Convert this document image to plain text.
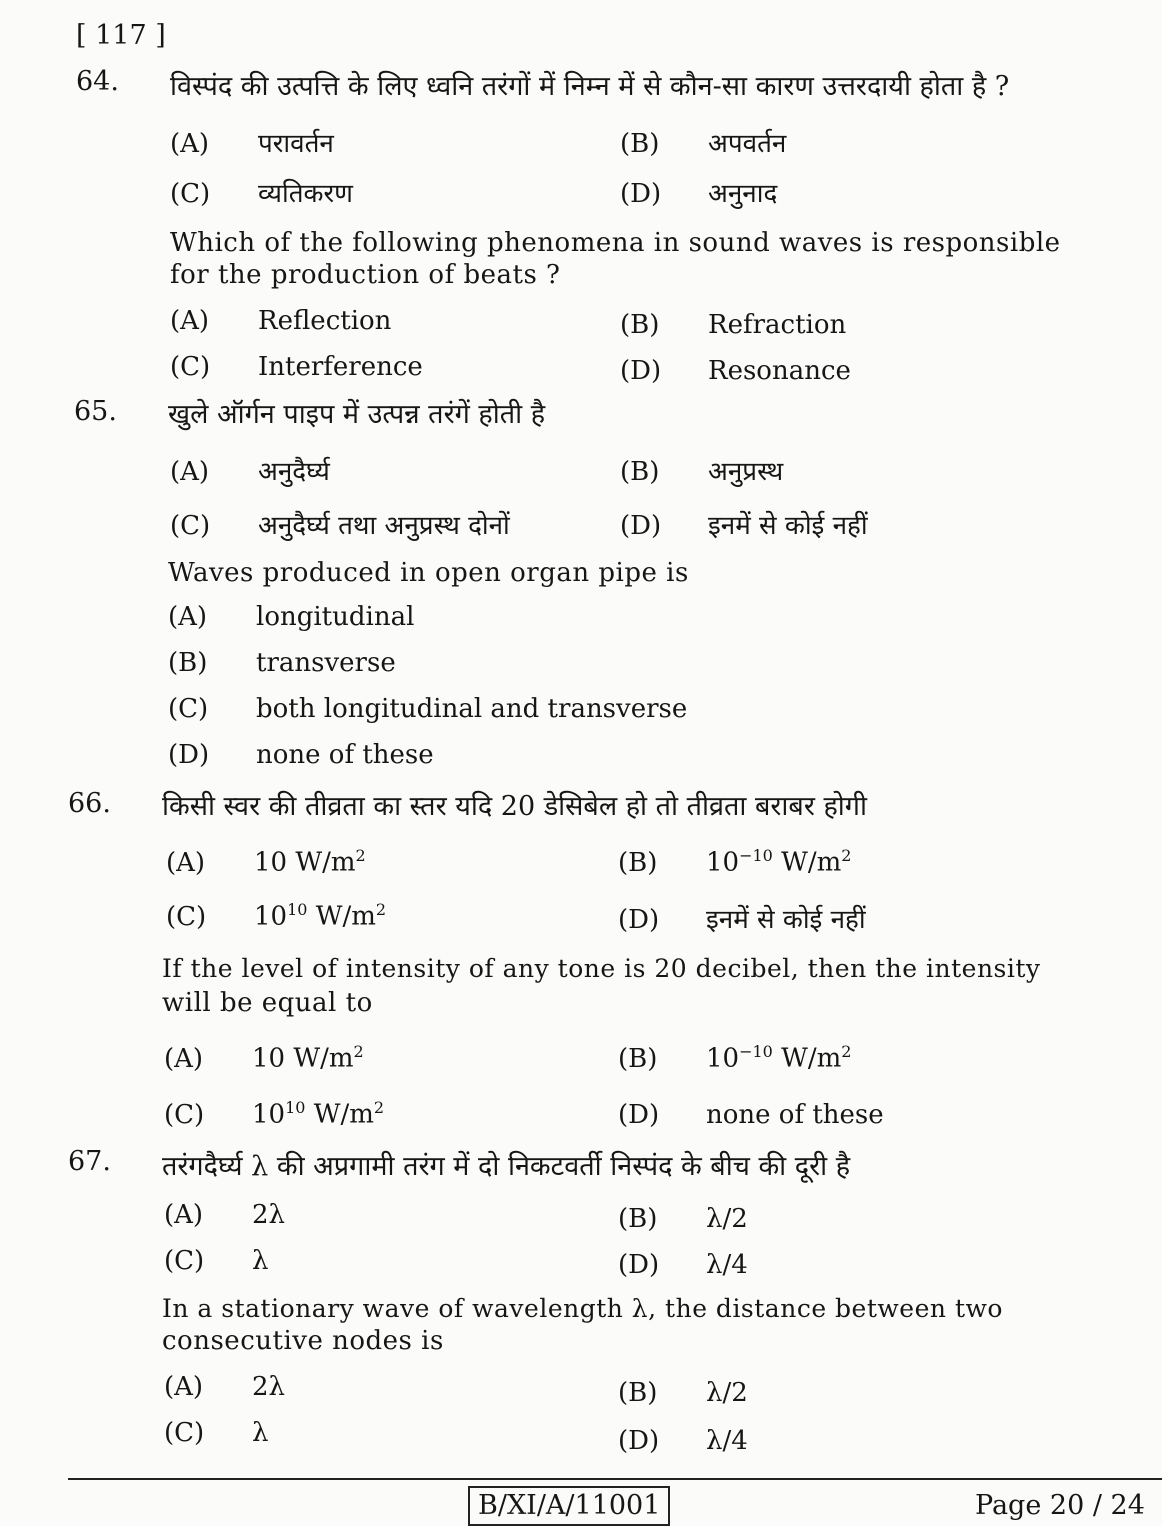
[ 117 ]
64. विस्पंद की उत्पत्ति के लिए ध्वनि तरंगों में निम्न में से कौन-सा कारण उत्तरदायी होता है ?
(A) परावर्तन	(B) अपवर्तन
(C) व्यतिकरण	(D) अनुनाद
Which of the following phenomena in sound waves is responsible
for the production of beats ?
(A) Reflection	(B) Refraction
(C) Interference	(D) Resonance
65. खुले ऑर्गन पाइप में उत्पन्न तरंगें होती है
(A) अनुदैर्घ्य	(B) अनुप्रस्थ
(C) अनुदैर्घ्य तथा अनुप्रस्थ दोनों	(D) इनमें से कोई नहीं
Waves produced in open organ pipe is
(A) longitudinal
(B) transverse
(C) both longitudinal and transverse
(D) none of these
66. किसी स्वर की तीव्रता का स्तर यदि 20 डेसिबेल हो तो तीव्रता बराबर होगी
(A) 10 $W/m^2$	(B) $10^{-10}$ $W/m^2$
(C) $10^{10}$ $W/m^2$	(D) इनमें से कोई नहीं
If the level of intensity of any tone is 20 decibel, then the intensity
will be equal to
(A) 10 $W/m^2$	(B) $10^{-10}$ $W/m^2$
(C) $10^{10}$ $W/m^2$	(D) none of these
67. तरंगदैर्घ्य λ की अप्रगामी तरंग में दो निकटवर्ती निस्पंद के बीच की दूरी है
(A) 2λ	(B) λ/2
(C) λ	(D) λ/4
In a stationary wave of wavelength λ, the distance between two
consecutive nodes is
(A) 2λ	(B) λ/2
(C) λ	(D) λ/4
B/XI/A/11001	Page 20 / 24
